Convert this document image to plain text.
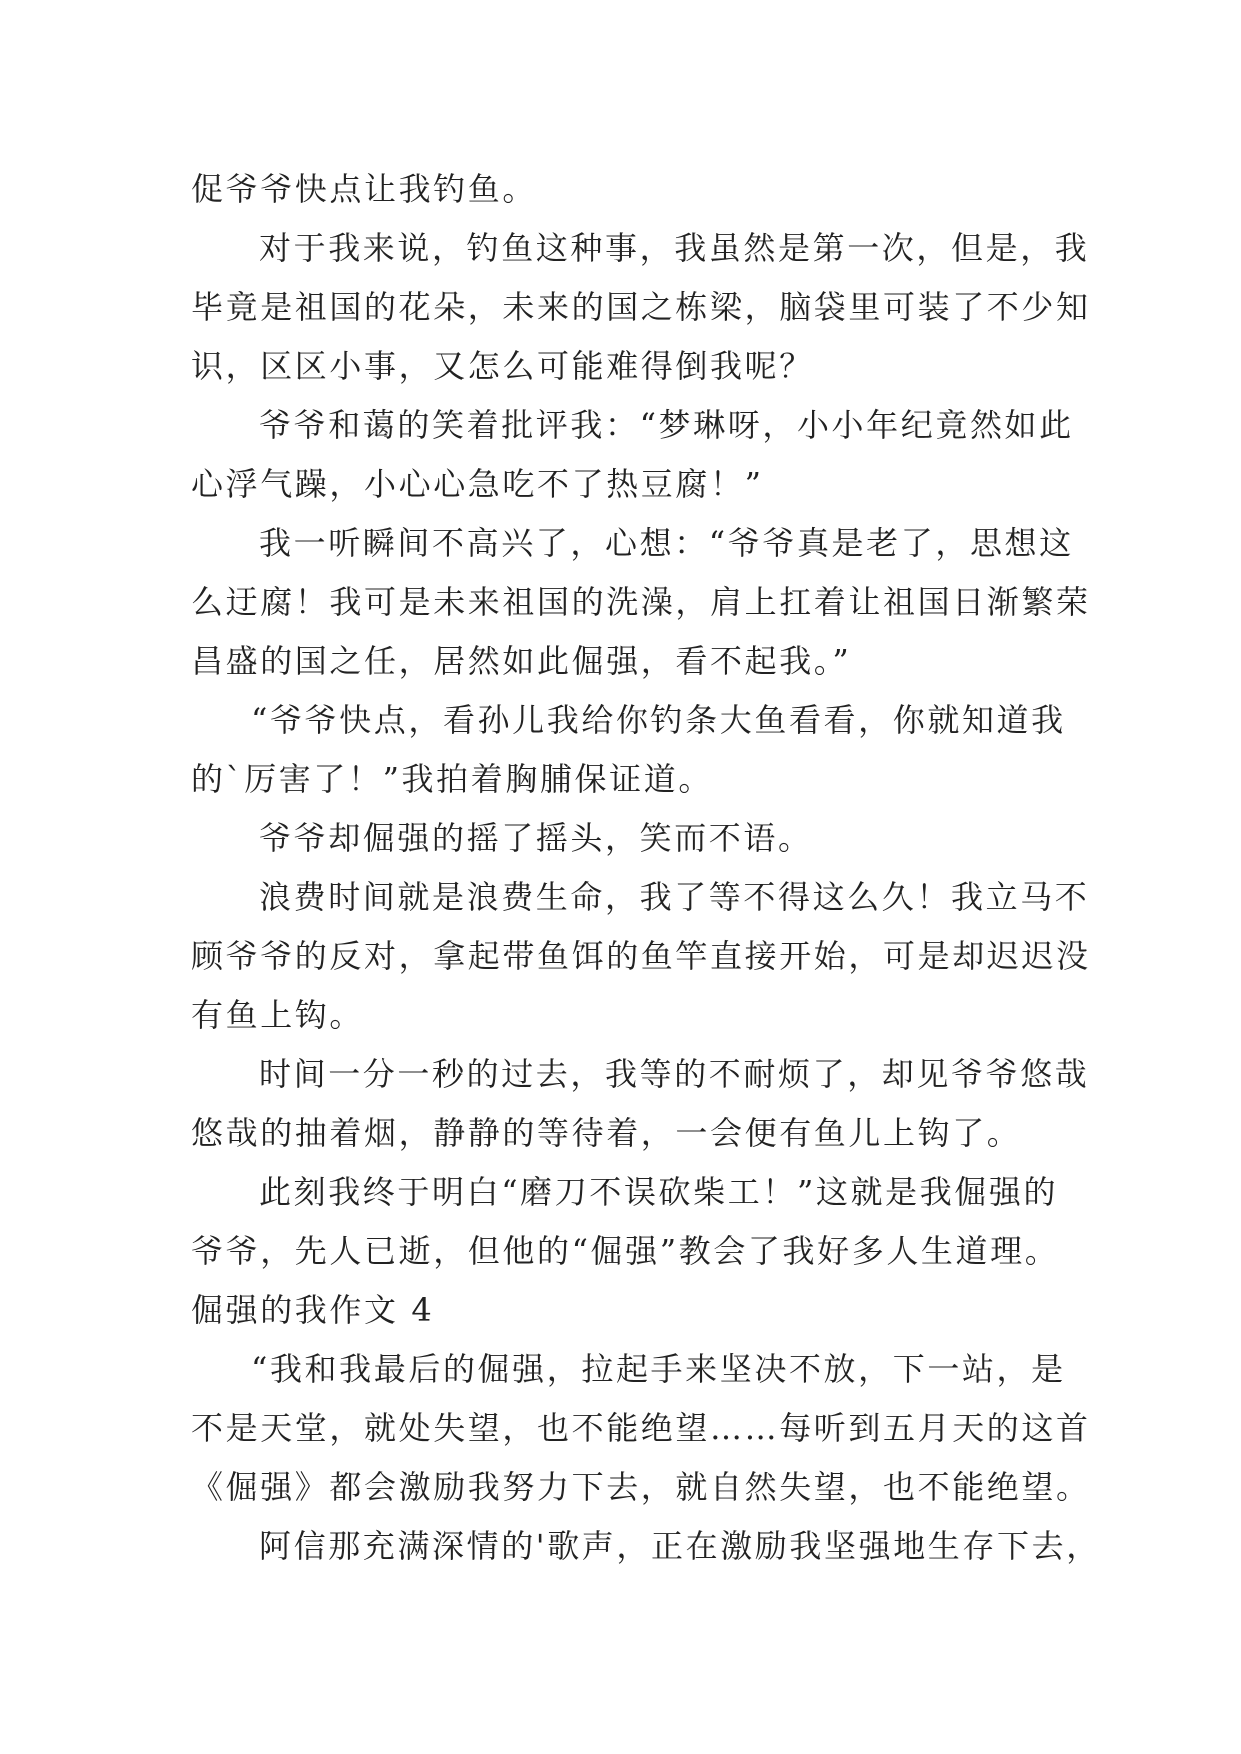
促爷爷快点让我钓鱼。
对于我来说，钓鱼这种事，我虽然是第一次，但是，我
毕竟是祖国的花朵，未来的国之栋梁，脑袋里可装了不少知
识，区区小事，又怎么可能难得倒我呢？
爷爷和蔼的笑着批评我：“梦琳呀，小小年纪竟然如此
心浮气躁，小心心急吃不了热豆腐！”
我一听瞬间不高兴了，心想：“爷爷真是老了，思想这
么迂腐！我可是未来祖国的洗澡，肩上扛着让祖国日渐繁荣
昌盛的国之任，居然如此倔强，看不起我。”
“爷爷快点，看孙儿我给你钓条大鱼看看，你就知道我
的`厉害了！”我拍着胸脯保证道。
爷爷却倔强的摇了摇头，笑而不语。
浪费时间就是浪费生命，我了等不得这么久！我立马不
顾爷爷的反对，拿起带鱼饵的鱼竿直接开始，可是却迟迟没
有鱼上钩。
时间一分一秒的过去，我等的不耐烦了，却见爷爷悠哉
悠哉的抽着烟，静静的等待着，一会便有鱼儿上钩了。
此刻我终于明白“磨刀不误砍柴工！”这就是我倔强的
爷爷，先人已逝，但他的“倔强”教会了我好多人生道理。
倔强的我作文 4
“我和我最后的倔强，拉起手来坚决不放，下一站，是
不是天堂，就处失望，也不能绝望……每听到五月天的这首
《倔强》都会激励我努力下去，就自然失望，也不能绝望。
阿信那充满深情的'歌声，正在激励我坚强地生存下去，
